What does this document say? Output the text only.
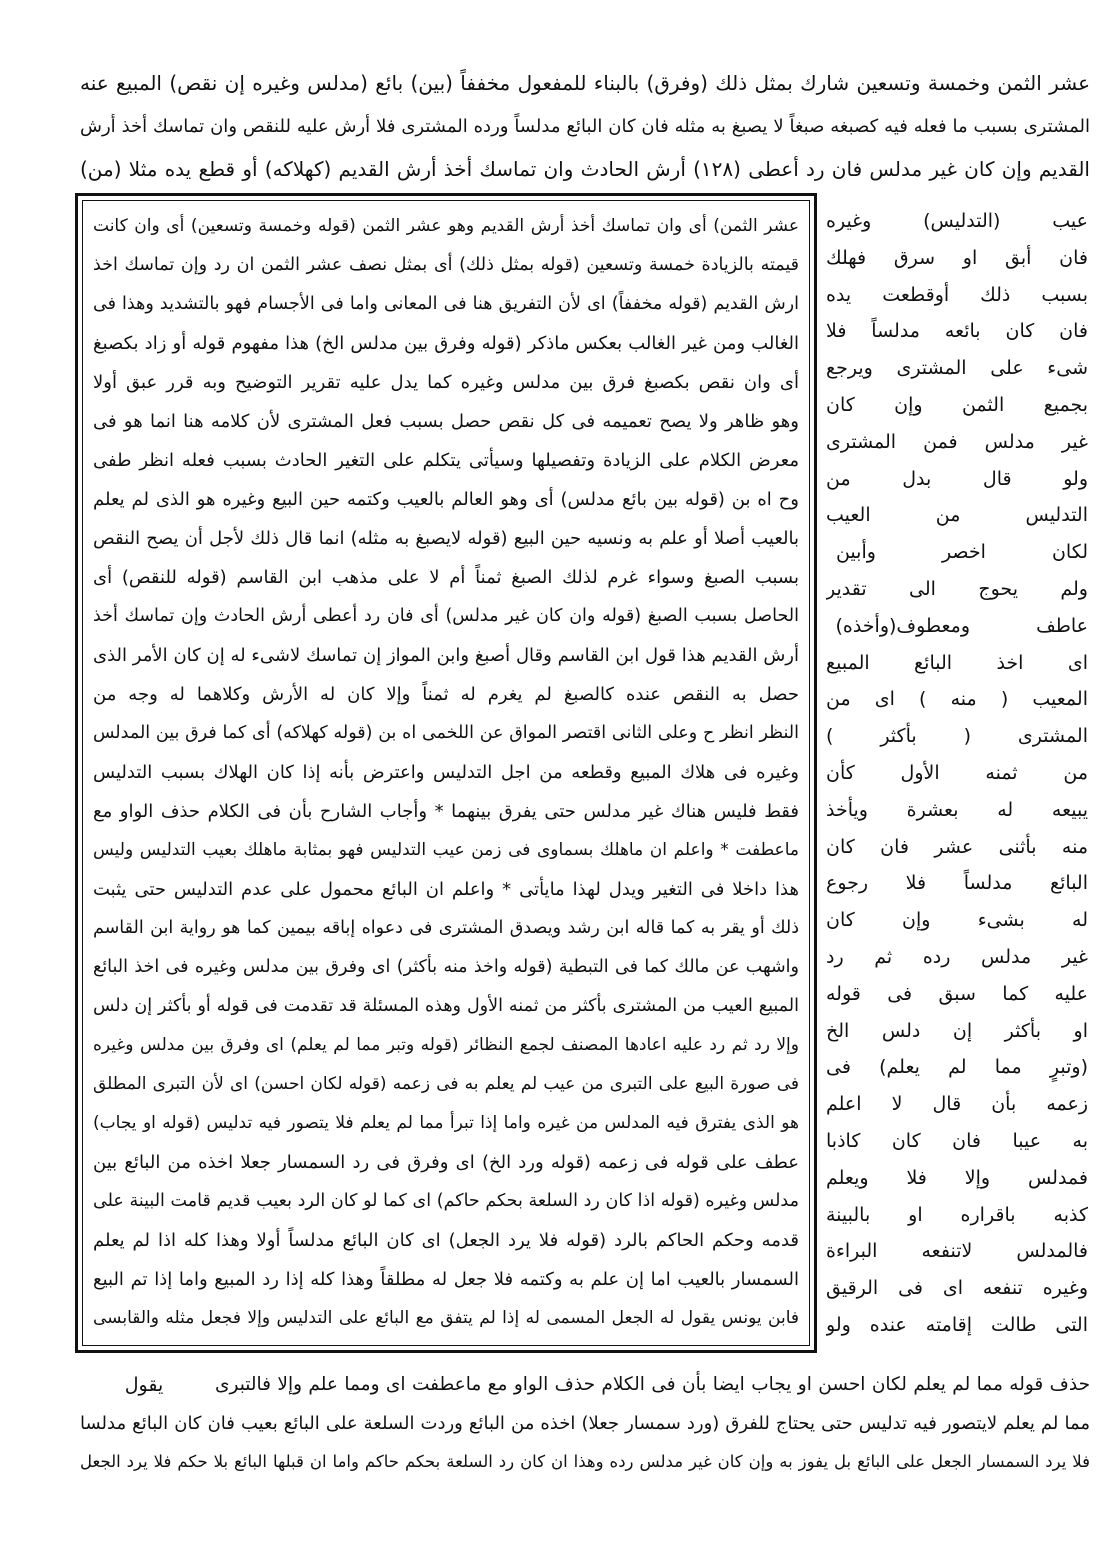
عشر الثمن وخمسة وتسعين شارك بمثل ذلك (وفرق) بالبناء للمفعول مخففاً (بين) بائع (مدلس وغيره إن نقص) المبيع عنه
المشترى بسبب ما فعله فيه كصبغه صبغاً لا يصبغ به مثله فان كان البائع مدلساً ورده المشترى فلا أرش عليه للنقص وان تماسك أخذ أرش
القديم وإن كان غير مدلس فان رد أعطى (١٢٨) أرش الحادث وان تماسك أخذ أرش القديم (كهلاكه) أو قطع يده مثلا (من)
عشر الثمن) أى وان تماسك أخذ أرش القديم وهو عشر الثمن (قوله وخمسة وتسعين) أى وان كانت
قيمته بالزيادة خمسة وتسعين (قوله بمثل ذلك) أى بمثل نصف عشر الثمن ان رد وإن تماسك اخذ
ارش القديم (قوله مخففاً) اى لأن التفريق هنا فى المعانى واما فى الأجسام فهو بالتشديد وهذا فى
الغالب ومن غير الغالب بعكس ماذكر (قوله وفرق بين مدلس الخ) هذا مفهوم قوله أو زاد بكصبغ
أى وان نقص بكصبغ فرق بين مدلس وغيره كما يدل عليه تقرير التوضيح وبه قرر عبق أولا
وهو ظاهر ولا يصح تعميمه فى كل نقص حصل بسبب فعل المشترى لأن كلامه هنا انما هو فى
معرض الكلام على الزيادة وتفصيلها وسيأتى يتكلم على التغير الحادث بسبب فعله انظر طفى
وح اه بن (قوله بين بائع مدلس) أى وهو العالم بالعيب وكتمه حين البيع وغيره هو الذى لم يعلم
بالعيب أصلا أو علم به ونسيه حين البيع (قوله لايصبغ به مثله) انما قال ذلك لأجل أن يصح النقص
بسبب الصبغ وسواء غرم لذلك الصبغ ثمناً أم لا على مذهب ابن القاسم (قوله للنقص) أى
الحاصل بسبب الصبغ (قوله وان كان غير مدلس) أى فان رد أعطى أرش الحادث وإن تماسك أخذ
أرش القديم هذا قول ابن القاسم وقال أصبغ وابن المواز إن تماسك لاشىء له إن كان الأمر الذى
حصل به النقص عنده كالصبغ لم يغرم له ثمناً وإلا كان له الأرش وكلاهما له وجه من
النظر انظر ح وعلى الثانى اقتصر المواق عن اللخمى اه بن (قوله كهلاكه) أى كما فرق بين المدلس
وغيره فى هلاك المبيع وقطعه من اجل التدليس واعترض بأنه إذا كان الهلاك بسبب التدليس
فقط فليس هناك غير مدلس حتى يفرق بينهما * وأجاب الشارح بأن فى الكلام حذف الواو مع
ماعطفت * واعلم ان ماهلك بسماوى فى زمن عيب التدليس فهو بمثابة ماهلك بعيب التدليس وليس
هذا داخلا فى التغير ويدل لهذا مايأتى * واعلم ان البائع محمول على عدم التدليس حتى يثبت
ذلك أو يقر به كما قاله ابن رشد ويصدق المشترى فى دعواه إباقه بيمين كما هو رواية ابن القاسم
واشهب عن مالك كما فى التبطية (قوله واخذ منه بأكثر) اى وفرق بين مدلس وغيره فى اخذ البائع
المبيع العيب من المشترى بأكثر من ثمنه الأول وهذه المسئلة قد تقدمت فى قوله أو بأكثر إن دلس
وإلا رد ثم رد عليه اعادها المصنف لجمع النظائر (قوله وتبر مما لم يعلم) اى وفرق بين مدلس وغيره
فى صورة البيع على التبرى من عيب لم يعلم به فى زعمه (قوله لكان احسن) اى لأن التبرى المطلق
هو الذى يفترق فيه المدلس من غيره واما إذا تبرأ مما لم يعلم فلا يتصور فيه تدليس (قوله او يجاب)
عطف على قوله فى زعمه (قوله ورد الخ) اى وفرق فى رد السمسار جعلا اخذه من البائع بين
مدلس وغيره (قوله اذا كان رد السلعة بحكم حاكم) اى كما لو كان الرد بعيب قديم قامت البينة على
قدمه وحكم الحاكم بالرد (قوله فلا يرد الجعل) اى كان البائع مدلساً أولا وهذا كله اذا لم يعلم
السمسار بالعيب اما إن علم به وكتمه فلا جعل له مطلقاً وهذا كله إذا رد المبيع واما إذا تم البيع
فابن يونس يقول له الجعل المسمى له إذا لم يتفق مع البائع على التدليس وإلا فجعل مثله والقابسى
عيب (التدليس) وغيره
فان أبق او سرق فهلك
بسبب ذلك أوقطعت يده
فان كان بائعه مدلساً فلا
شىء على المشترى ويرجع
بجميع الثمن وإن كان
غير مدلس فمن المشترى
ولو قال بدل من
التدليس من العيب
لكان اخصر وأبين
ولم يحوج الى تقدير
عاطف ومعطوف(وأخذه)
اى اخذ البائع المبيع
المعيب ( منه ) اى من
المشترى ( بأكثر )
من ثمنه الأول كأن
يبيعه له بعشرة ويأخذ
منه بأثنى عشر فان كان
البائع مدلساً فلا رجوع
له بشىء وإن كان
غير مدلس رده ثم رد
عليه كما سبق فى قوله
او بأكثر إن دلس الخ
(وتبرٍ مما لم يعلم) فى
زعمه بأن قال لا اعلم
به عيبا فان كان كاذبا
فمدلس وإلا فلا ويعلم
كذبه باقراره او بالبينة
فالمدلس لاتنفعه البراءة
وغيره تنفعه اى فى الرقيق
التى طالت إقامته عنده ولو
حذف قوله مما لم يعلم لكان احسن او يجاب ايضا بأن فى الكلام حذف الواو مع ماعطفت اى ومما علم وإلا فالتبرى
يقول
مما لم يعلم لايتصور فيه تدليس حتى يحتاج للفرق (ورد سمسار جعلا) اخذه من البائع وردت السلعة على البائع بعيب فان كان البائع مدلسا
فلا يرد السمسار الجعل على البائع بل يفوز به وإن كان غير مدلس رده وهذا ان كان رد السلعة بحكم حاكم واما ان قبلها البائع بلا حكم فلا يرد الجعل
